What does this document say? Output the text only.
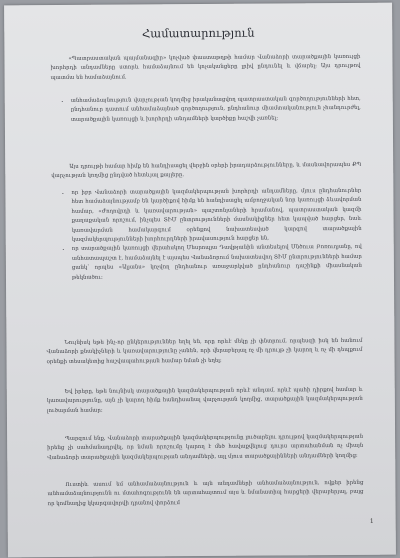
Համատարություն

«Պատրաստական պայմանագիր» կոչված փաստաթղթի համար Վանաձորի տարածքային կառույցի խորհրդի անդամները ստորև համաձայնում են կոչականցերը լրիվ ընդունել և վճարել: Այս դրույթով պատմա են համաձայնում.

• անհամաձայնություն վարչության կողմից իրականացվող պատրաստական գործողությունների հետ, ընդհանուր դատում անհամաձայնած գործողություն, ընդհանուր միամտականություն չհանդուրժել, տարածքային կառույցի և խորհրդի անդամների կարծիքը հաշվի չառնել:

Այս դրույթի համար հիմք են հանդիսացել վերջին օրերի իրադարձությունները, և մասնավորապես ՔՊ վարչության կողմից ընդված հետևյալ քայլերը.

• որ իբր Վանաձորի տարածքային կազմակերպության խորհրդի անդամները, մյուս ընդհանուրներ հետ համաձայնությամբ են կարծիքով հիմք են հանդիսացել ամբողջական նոր կառույցի ձևավորման համար, «Ժողովրդի և կառավարության» պաշտոնյաների հրամանով, պատրաստական կազմի քաղաքական որոշում, ինչպես ՏԻՄ ընտրությունների մասնակիցներ հետ կապված հարցեր, նաև կառավարման համակարգում օրենքով նախատեսված կարգով տարածքային կազմակերպությունների խորհուրդների իրավասություն հարցեր են,
• որ տարածքային կառույցի վերահսկող Մեսրոպյա Դավթյանին անտեսելով Մնծուա Բոռուղյանը, ով անհատապաշտ է, համաձայնել է այսպես Վանաձորում նախատեսվող ՏԻՄ ընտրությունների համար ցանկ՝ որպես «Ալյանս» կոչվող ընդհանուր առաջարկված ընդհանուր դաշինքի միասնական թեկնածու:

Նույնիսկ եթե ինչ-որ ընկերություններ եղել են, որը որևէ մեկը չի փնտրում, որպեսզի իսկ են հանում Վանաձորի քնակիչների և կառավարությունը չանեն, որի վերաբերյալ ոչ մի դրույթ չի կարող և ոչ մի դեպքում օրենքի տեսակետից հաշվապահության համար նման չի եղել:

Եվ իրերը, եթե նույնիսկ տարածքային կազմակերպության որևէ անդամ, որևէ պահի դիրքով համար և կառավարությունը, այն չի կարող հիմք հանդիսանալ վարչության կողմից, տարածքային կազմակերպության լուծարման համար:

Պարզում ենք, Վանաձորի տարածքային կազմակերպությունը լուծարելու դրույթով կազմակերպության իրենց չի սահմանադրվել, որ նման որոշումը կարող է մեծ հավաքվելուց դուրս արտահանման ոչ միայն Վանաձորի տարածքային կազմակերպության անդամների, այլ մյուս տարածքայինների անդամների կողմից:

Ուստիև ասում եմ անհամաձայնություն և այն անդամների անհամաձայնություն, ովքեր իրենց անհամաձայնությունն ու մտահոգությունն են արտահայտում այս և նմանատիպ հարցերի վերաբերյալ, բայց որ կոմնադից կկարգավորվի դրանով փորձում

1
